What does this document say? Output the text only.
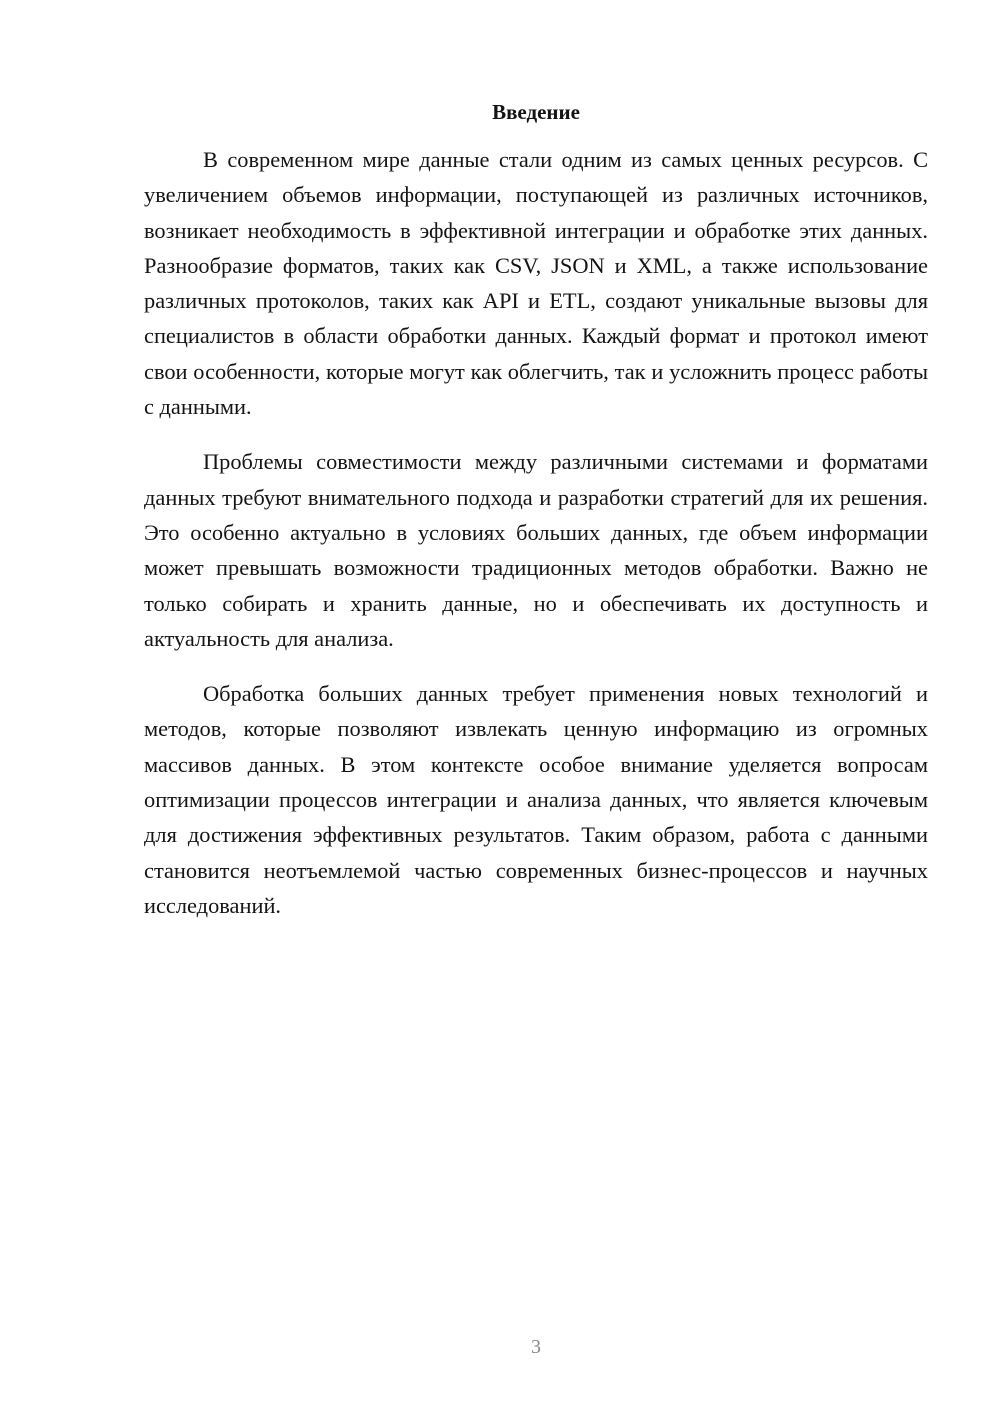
Введение

В современном мире данные стали одним из самых ценных ресурсов. С увеличением объемов информации, поступающей из различных источников, возникает необходимость в эффективной интеграции и обработке этих данных. Разнообразие форматов, таких как CSV, JSON и XML, а также использование различных протоколов, таких как API и ETL, создают уникальные вызовы для специалистов в области обработки данных. Каждый формат и протокол имеют свои особенности, которые могут как облегчить, так и усложнить процесс работы с данными.

Проблемы совместимости между различными системами и форматами данных требуют внимательного подхода и разработки стратегий для их решения. Это особенно актуально в условиях больших данных, где объем информации может превышать возможности традиционных методов обработки. Важно не только собирать и хранить данные, но и обеспечивать их доступность и актуальность для анализа.

Обработка больших данных требует применения новых технологий и методов, которые позволяют извлекать ценную информацию из огромных массивов данных. В этом контексте особое внимание уделяется вопросам оптимизации процессов интеграции и анализа данных, что является ключевым для достижения эффективных результатов. Таким образом, работа с данными становится неотъемлемой частью современных бизнес-процессов и научных исследований.

3
